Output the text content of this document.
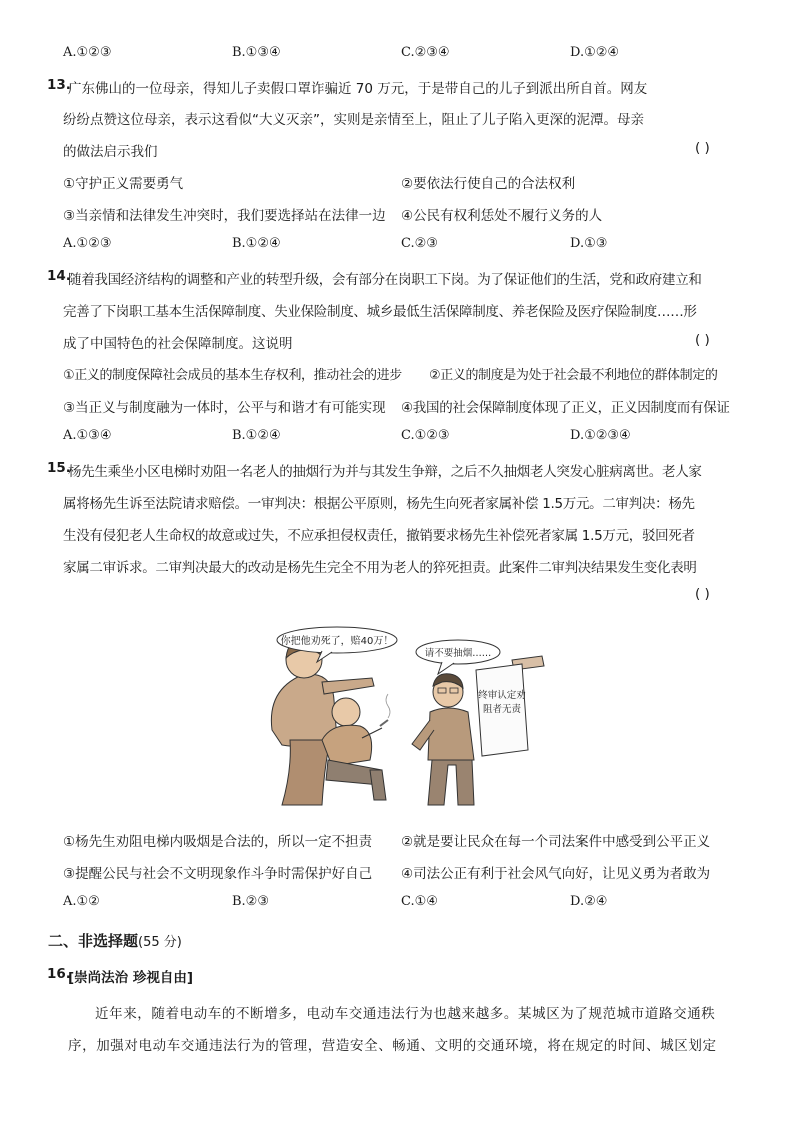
A.①②③	B.①③④	C.②③④	D.①②④
13.
广东佛山的一位母亲，得知儿子卖假口罩诈骗近 70 万元，于是带自己的儿子到派出所自首。网友
纷纷点赞这位母亲，表示这看似“大义灭亲”，实则是亲情至上，阻止了儿子陷入更深的泥潭。母亲
的做法启示我们	( )
①守护正义需要勇气	②要依法行使自己的合法权利
③当亲情和法律发生冲突时，我们要选择站在法律一边 ④公民有权利恁处不履行义务的人
A.①②③	B.①②④	C.②③	D.①③
14.
随着我国经济结构的调整和产业的转型升级，会有部分在岗职工下岗。为了保证他们的生活，党和政府建立和
完善了下岗职工基本生活保障制度、失业保险制度、城乡最低生活保障制度、养老保险及医疗保险制度……形
成了中国特色的社会保障制度。这说明	( )
①正义的制度保障社会成员的基本生存权利，推动社会的进步 ②正义的制度是为处于社会最不利地位的群体制定的
③当正义与制度融为一体时，公平与和谐才有可能实现 ④我国的社会保障制度体现了正义，正义因制度而有保证
A.①③④	B.①②④	C.①②③	D.①②③④
15.
杨先生乘坐小区电梯时劝阻一名老人的抽烟行为并与其发生争辩，之后不久抽烟老人突发心脏病离世。老人家
属将杨先生诉至法院请求赔偿。一审判决：根据公平原则，杨先生向死者家属补偿 1.5万元。二审判决：杨先
生没有侵犯老人生命权的故意或过失，不应承担侵权责任，撤销要求杨先生补偿死者家属 1.5万元，驳回死者
家属二审诉求。二审判决最大的改动是杨先生完全不用为老人的猝死担责。此案件二审判决结果发生变化表明
( )
你把他劝死了，赔40万！
请不要抽烟……
终审认定劝
阻者无责
①杨先生劝阻电梯内吸烟是合法的，所以一定不担责 ②就是要让民众在每一个司法案件中感受到公平正义
③提醒公民与社会不文明现象作斗争时需保护好自己 ④司法公正有利于社会风气向好，让见义勇为者敢为
A.①②	B.②③	C.①④	D.②④
二、非选择题(55 分)
16.
[崇尚法治 珍视自由]
近年来，随着电动车的不断增多，电动车交通违法行为也越来越多。某城区为了规范城市道路交通秩
序，加强对电动车交通违法行为的管理，营造安全、畅通、文明的交通环境，将在规定的时间、城区划定
